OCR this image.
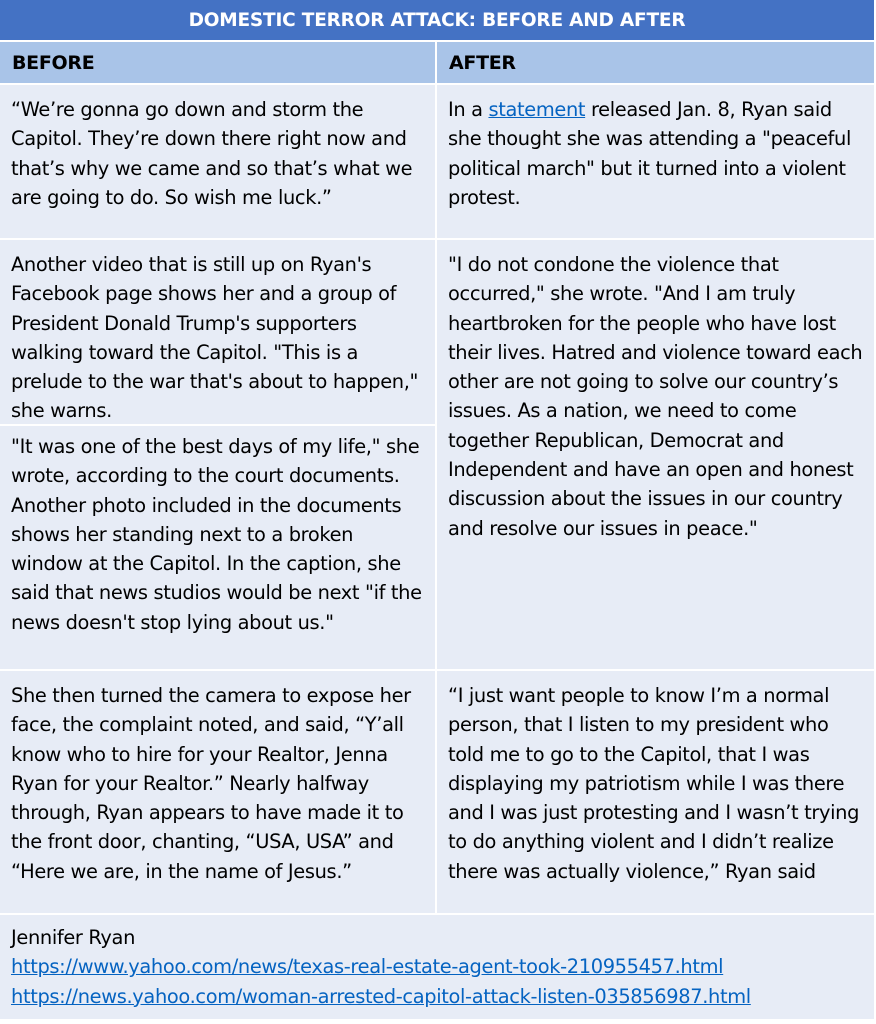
DOMESTIC TERROR ATTACK: BEFORE AND AFTER
BEFORE	AFTER
“We’re gonna go down and storm the Capitol. They’re down there right now and that’s why we came and so that’s what we are going to do. So wish me luck.”
In a statement released Jan. 8, Ryan said she thought she was attending a "peaceful political march" but it turned into a violent protest.
Another video that is still up on Ryan's Facebook page shows her and a group of President Donald Trump's supporters walking toward the Capitol. "This is a prelude to the war that's about to happen," she warns.
"It was one of the best days of my life," she wrote, according to the court documents. Another photo included in the documents shows her standing next to a broken window at the Capitol. In the caption, she said that news studios would be next "if the news doesn't stop lying about us."
"I do not condone the violence that occurred," she wrote. "And I am truly heartbroken for the people who have lost their lives. Hatred and violence toward each other are not going to solve our country’s issues. As a nation, we need to come together Republican, Democrat and Independent and have an open and honest discussion about the issues in our country and resolve our issues in peace."
She then turned the camera to expose her face, the complaint noted, and said, “Y’all know who to hire for your Realtor, Jenna Ryan for your Realtor.” Nearly halfway through, Ryan appears to have made it to the front door, chanting, “USA, USA” and “Here we are, in the name of Jesus.”
“I just want people to know I’m a normal person, that I listen to my president who told me to go to the Capitol, that I was displaying my patriotism while I was there and I was just protesting and I wasn’t trying to do anything violent and I didn’t realize there was actually violence,” Ryan said
Jennifer Ryan
https://www.yahoo.com/news/texas-real-estate-agent-took-210955457.html
https://news.yahoo.com/woman-arrested-capitol-attack-listen-035856987.html
